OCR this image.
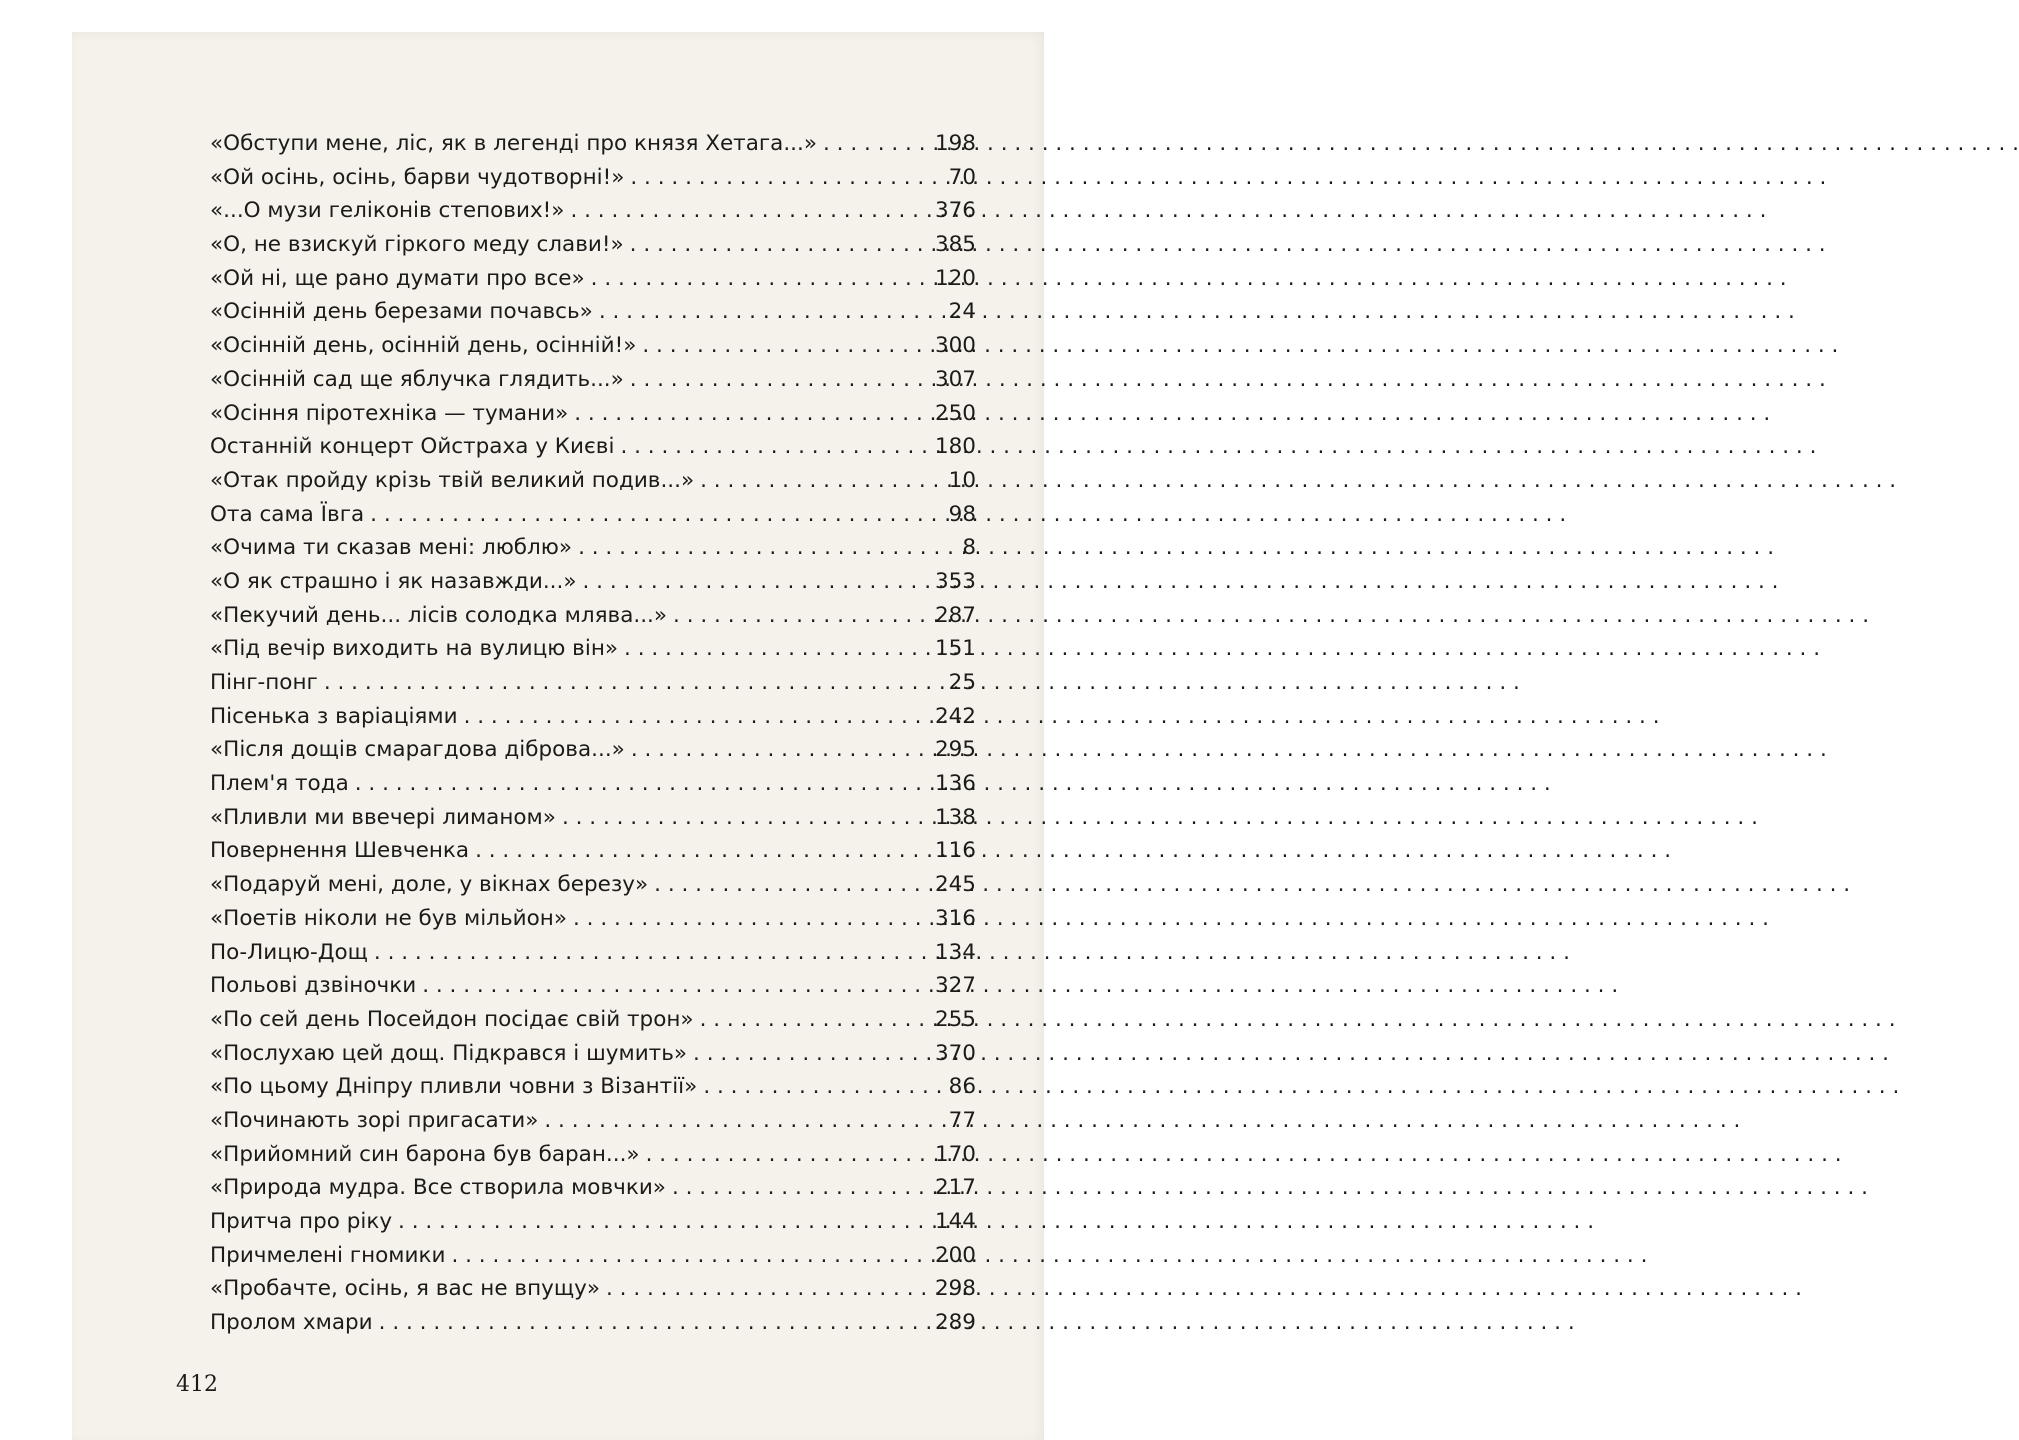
«Обступи мене, ліс, як в легенді про князя Хетага...» . . .	198
«Ой осінь, осінь, барви чудотворні!» . . .	70
«...О музи геліконів степових!» . . .	376
«О, не взискуй гіркого меду слави!» . . .	385
«Ой ні, ще рано думати про все» . . .	120
«Осінній день березами почавсь» . . .	24
«Осінній день, осінній день, осінній!» . . .	300
«Осінній сад ще яблучка глядить...» . . .	307
«Осіння піротехніка — тумани» . . .	250
Останній концерт Ойстраха у Києві . . .	180
«Отак пройду крізь твій великий подив...» . . .	10
Ота сама Ївга . . .	98
«Очима ти сказав мені: люблю» . . .	8
«О як страшно і як назавжди...» . . .	353
«Пекучий день... лісів солодка млява...» . . .	287
«Під вечір виходить на вулицю він» . . .	151
Пінг-понг . . .	25
Пісенька з варіаціями . . .	242
«Після дощів смарагдова діброва...» . . .	295
Плем'я тода . . .	136
«Пливли ми ввечері лиманом» . . .	138
Повернення Шевченка . . .	116
«Подаруй мені, доле, у вікнах березу» . . .	245
«Поетів ніколи не був мільйон» . . .	316
По-Лицю-Дощ . . .	134
Польові дзвіночки . . .	327
«По сей день Посейдон посідає свій трон» . . .	255
«Послухаю цей дощ. Підкрався і шумить» . . .	370
«По цьому Дніпру пливли човни з Візантії» . . .	86
«Починають зорі пригасати» . . .	77
«Прийомний син барона був баран...» . . .	170
«Природа мудра. Все створила мовчки» . . .	217
Притча про ріку . . .	144
Причмелені гномики . . .	200
«Пробачте, осінь, я вас не впущу» . . .	298
Пролом хмари . . .	289
412
